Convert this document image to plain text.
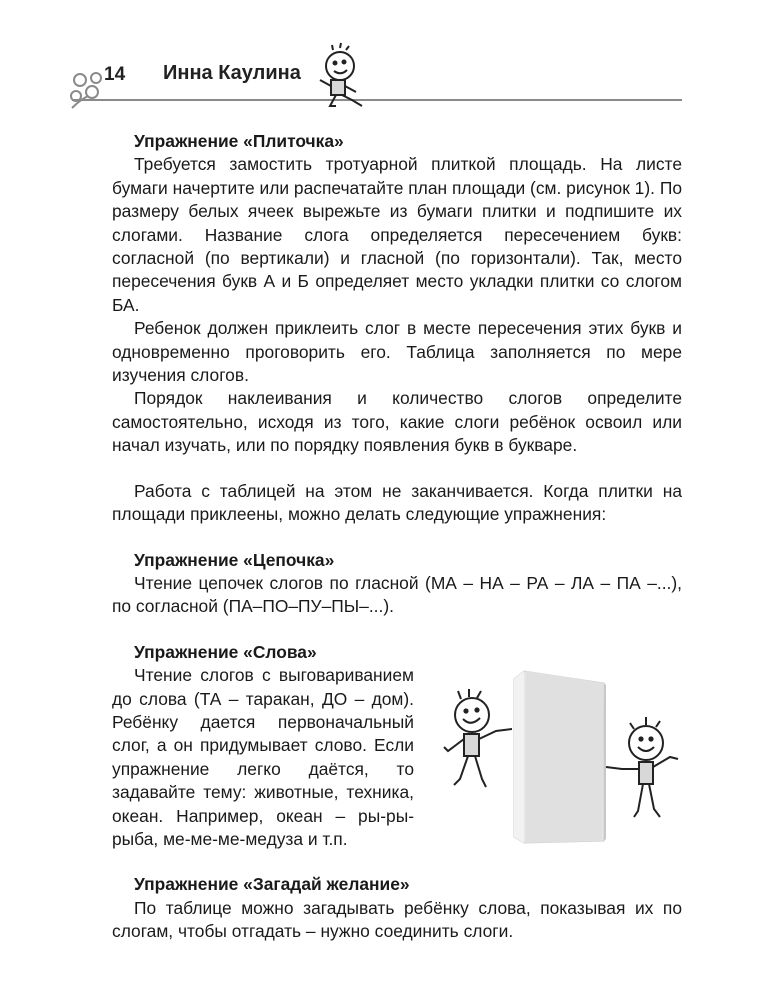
14 Инна Каулина
Упражнение «Плиточка»

Требуется замостить тротуарной плиткой площадь. На листе бумаги начертите или распечатайте план площади (см. рисунок 1). По размеру белых ячеек вырежьте из бумаги плитки и подпишите их слогами. Название слога определяется пересечением букв: согласной (по вертикали) и гласной (по горизонтали). Так, место пересечения букв А и Б определяет место укладки плитки со слогом БА.

Ребенок должен приклеить слог в месте пересечения этих букв и одновременно проговорить его. Таблица заполняется по мере изучения слогов.

Порядок наклеивания и количество слогов определите самостоятельно, исходя из того, какие слоги ребёнок освоил или начал изучать, или по порядку появления букв в букваре.

Работа с таблицей на этом не заканчивается. Когда плитки на площади приклеены, можно делать следующие упражнения:

Упражнение «Цепочка»

Чтение цепочек слогов по гласной (МА – НА – РА – ЛА – ПА –...), по согласной (ПА–ПО–ПУ–ПЫ–...).

Упражнение «Слова»

Чтение слогов с выговариванием до слова (ТА – таракан, ДО – дом). Ребёнку дается первоначальный слог, а он придумывает слово. Если упражнение легко даётся, то задавайте тему: животные, техника, океан. Например, океан – ры-ры-рыба, ме-ме-ме-медуза и т.п.

Упражнение «Загадай желание»

По таблице можно загадывать ребёнку слова, показывая их по слогам, чтобы отгадать – нужно соединить слоги.
